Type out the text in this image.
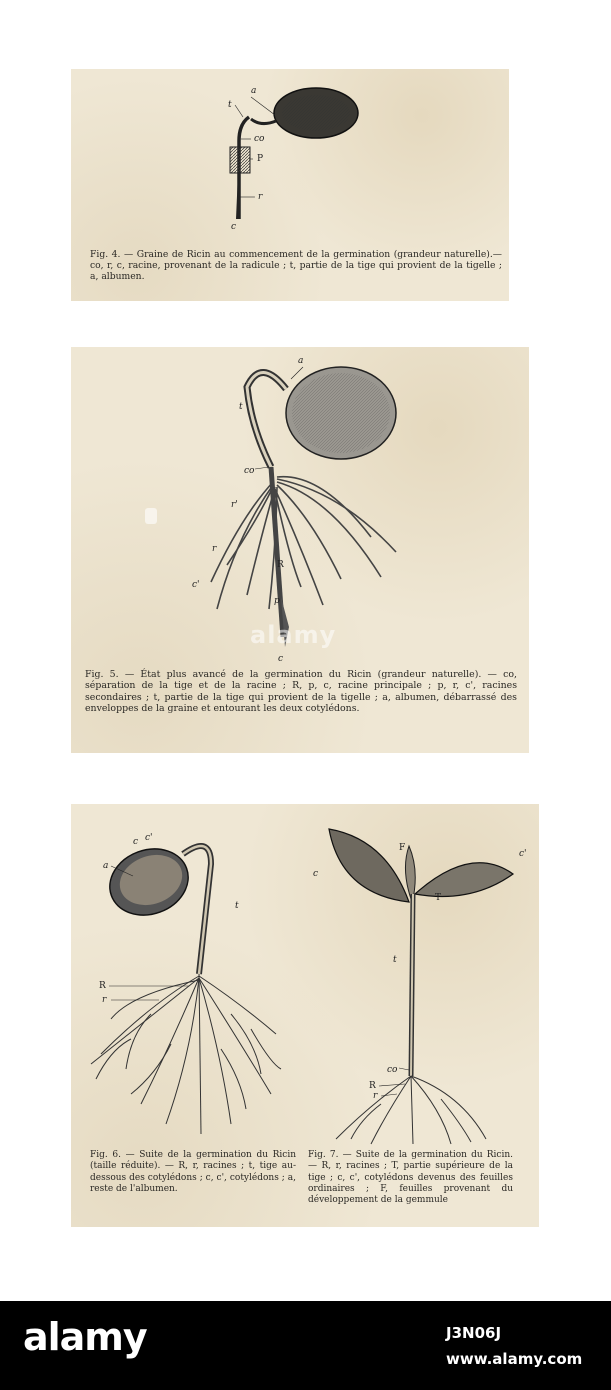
a
t
co
P
r
c

Fig. 4. — Graine de Ricin au commencement de la germination (grandeur naturelle).— co, r, c, racine, provenant de la radicule ; t, partie de la tige qui provient de la tigelle ; a, albumen.

a
t
co
r'
r
R
c'
p
c

Fig. 5. — État plus avancé de la germination du Ricin (grandeur naturelle). — co, séparation de la tige et de la racine ; R, p, c, racine principale ; p, r, c', racines secondaires ; t, partie de la tige qui provient de la tigelle ; a, albumen, débarrassé des enveloppes de la graine et entourant les deux cotylédons.

alamy
a
c c'
t
R
r
F
c
c'
T
t
co
R
r

Fig. 6. — Suite de la germination du Ricin (taille réduite). — R, r, racines ; t, tige au-dessous des cotylédons ; c, c', cotylédons ; a, reste de l'albumen.

Fig. 7. — Suite de la germination du Ricin. — R, r, racines ; T, partie supérieure de la tige ; c, c', cotylédons devenus des feuilles ordinaires ; F, feuilles provenant du développement de la gemmule

alamy	J3N06J
www.alamy.com
